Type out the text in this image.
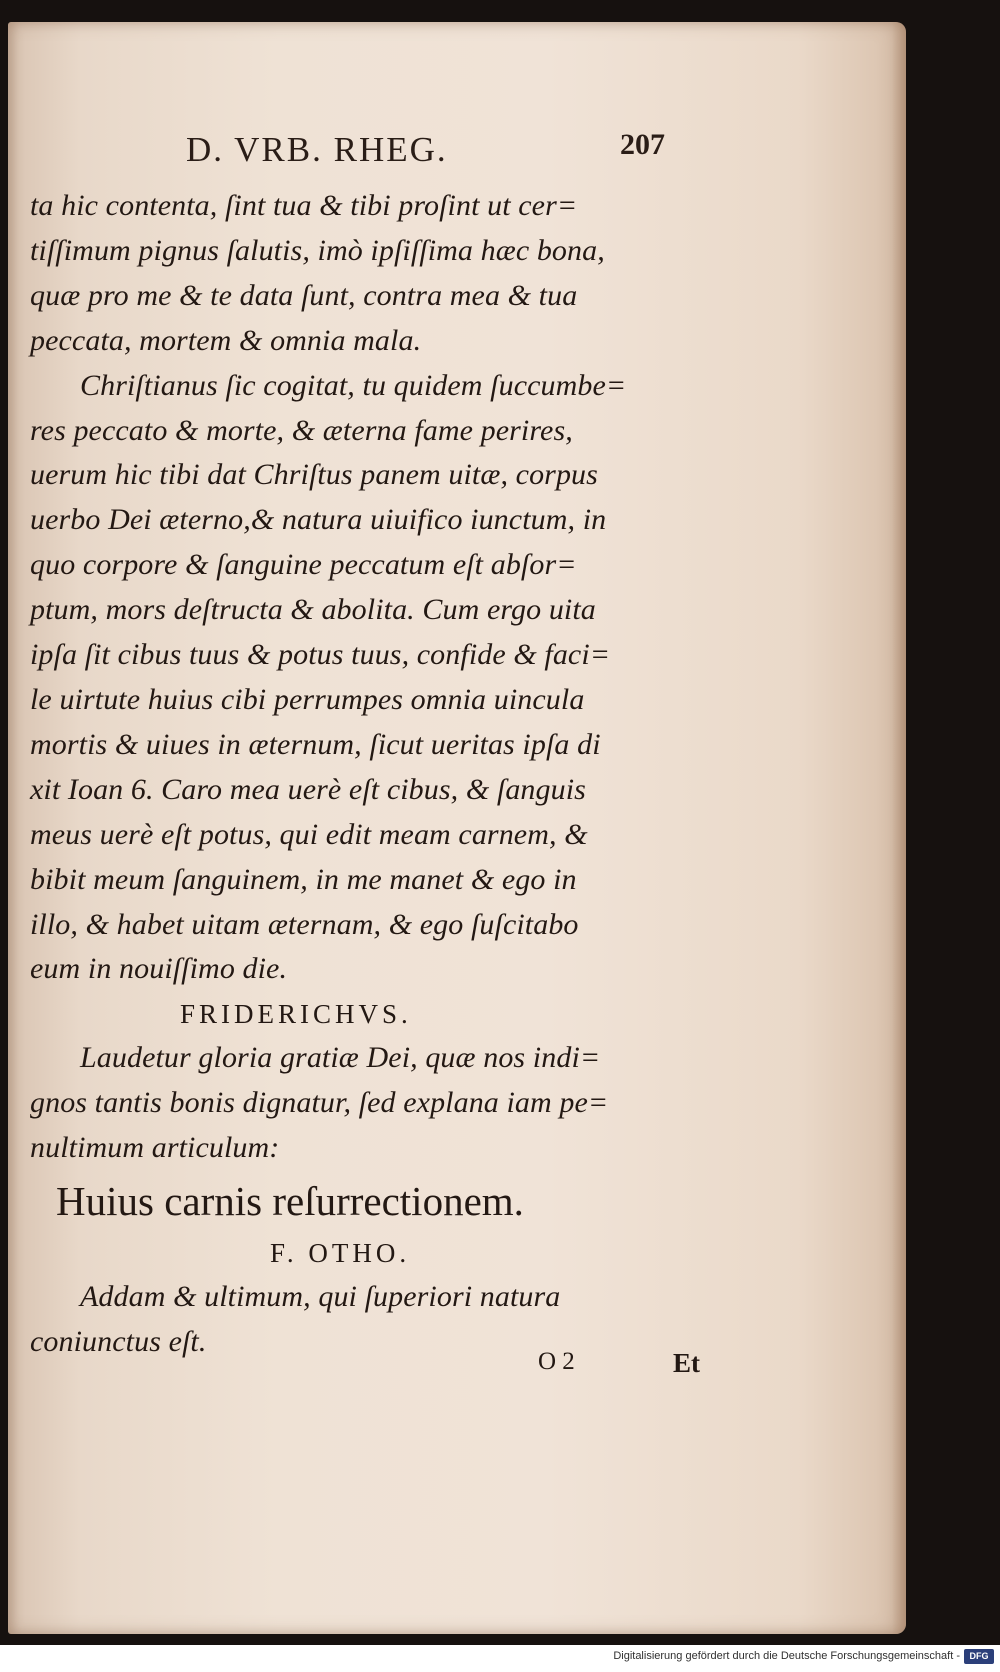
D. VRB. RHEG.	207
ta hic contenta, ſint tua & tibi proſint ut cer=
tiſſimum pignus ſalutis, imò ipſiſſima hæc bona,
quæ pro me & te data ſunt, contra mea & tua
peccata, mortem & omnia mala.
Chriſtianus ſic cogitat, tu quidem ſuccumbe=
res peccato & morte, & æterna fame perires,
uerum hic tibi dat Chriſtus panem uitæ, corpus
uerbo Dei æterno,& natura uiuifico iunctum, in
quo corpore & ſanguine peccatum eſt abſor=
ptum, mors deſtructa & abolita. Cum ergo uita
ipſa ſit cibus tuus & potus tuus, confide & faci=
le uirtute huius cibi perrumpes omnia uincula
mortis & uiues in æternum, ſicut ueritas ipſa di
xit Ioan 6. Caro mea uerè eſt cibus, & ſanguis
meus uerè eſt potus, qui edit meam carnem, &
bibit meum ſanguinem, in me manet & ego in
illo, & habet uitam æternam, & ego ſuſcitabo
eum in nouiſſimo die.
FRIDERICHVS.
Laudetur gloria gratiæ Dei, quæ nos indi=
gnos tantis bonis dignatur, ſed explana iam pe=
nultimum articulum:
Huius carnis reſurrectionem.
F. OTHO.
Addam & ultimum, qui ſuperiori natura
coniunctus eſt.
O 2	Et
Digitalisierung gefördert durch die Deutsche Forschungsgemeinschaft -	DFG
